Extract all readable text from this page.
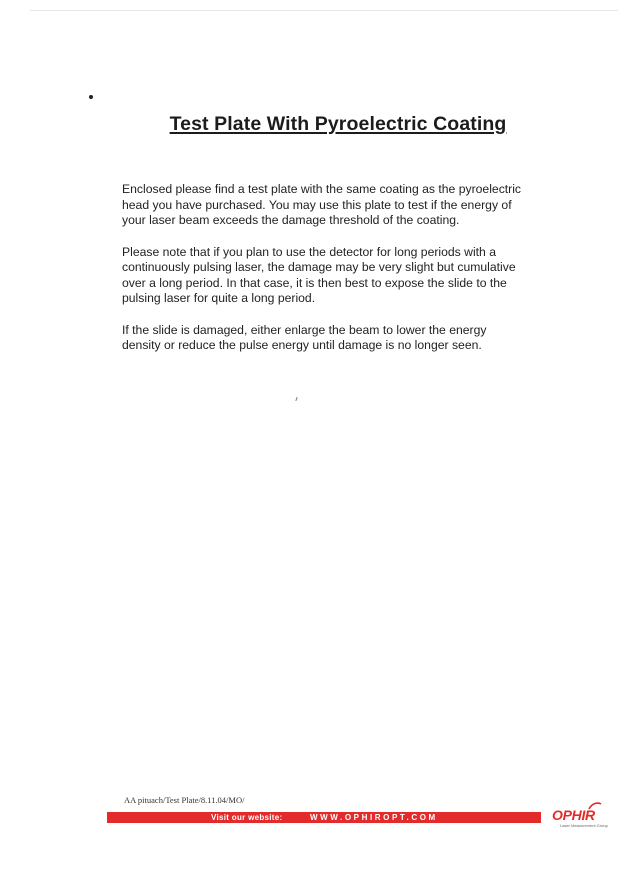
Test Plate With Pyroelectric Coating

Enclosed please find a test plate with the same coating as the pyroelectric head you have purchased. You may use this plate to test if the energy of your laser beam exceeds the damage threshold of the coating.

Please note that if you plan to use the detector for long periods with a continuously pulsing laser, the damage may be very slight but cumulative over a long period. In that case, it is then best to expose the slide to the pulsing laser for quite a long period.

If the slide is damaged, either enlarge the beam to lower the energy density or reduce the pulse energy until damage is no longer seen.

AA pituach/Test Plate/8.11.04/MO/
Visit our website:	WWW.OPHIROPT.COM	OPHIR
Laser Measurement Group
